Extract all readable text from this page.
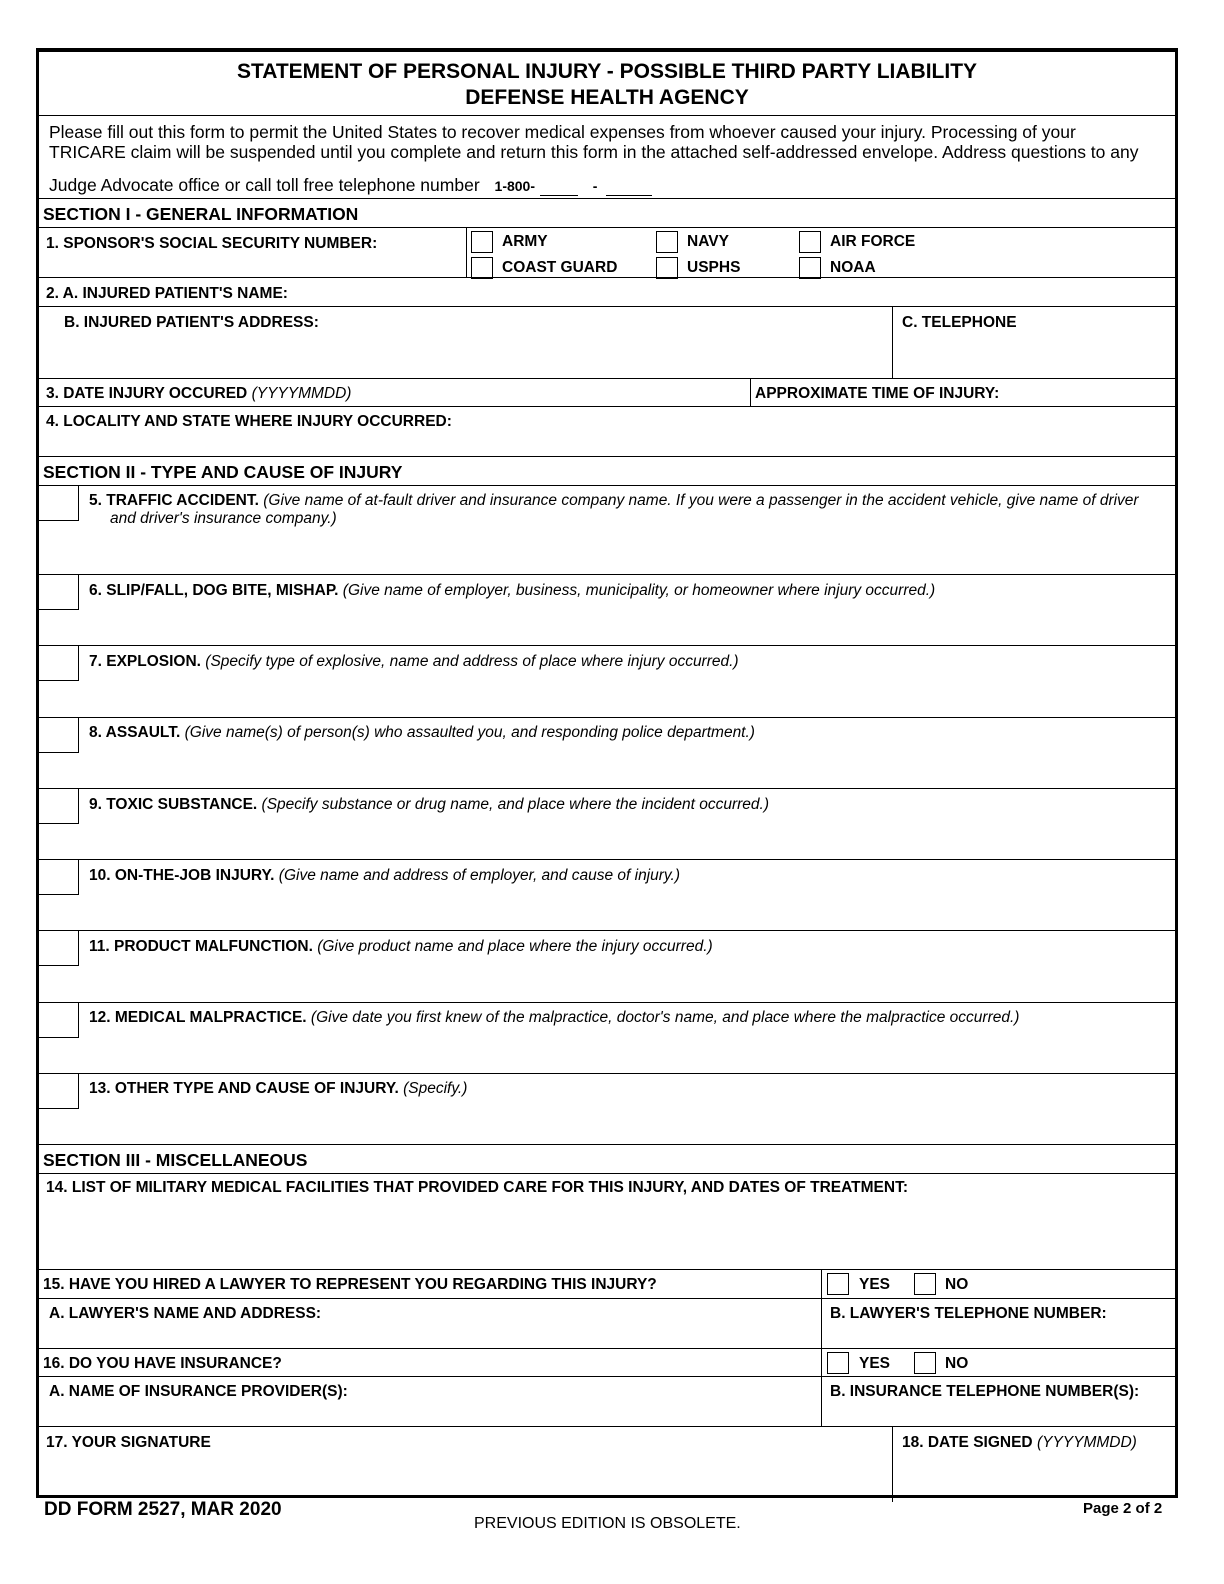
STATEMENT OF PERSONAL INJURY - POSSIBLE THIRD PARTY LIABILITY
DEFENSE HEALTH AGENCY
Please fill out this form to permit the United States to recover medical expenses from whoever caused your injury. Processing of your
TRICARE claim will be suspended until you complete and return this form in the attached self-addressed envelope. Address questions to any
Judge Advocate office or call toll free telephone number 1-800-	-
SECTION I - GENERAL INFORMATION
1. SPONSOR'S SOCIAL SECURITY NUMBER:	ARMY	NAVY	AIR FORCE
COAST GUARD	USPHS	NOAA
2. A. INJURED PATIENT'S NAME:
B. INJURED PATIENT'S ADDRESS:	C. TELEPHONE
3. DATE INJURY OCCURED (YYYYMMDD)	APPROXIMATE TIME OF INJURY:
4. LOCALITY AND STATE WHERE INJURY OCCURRED:
SECTION II - TYPE AND CAUSE OF INJURY
5. TRAFFIC ACCIDENT. (Give name of at-fault driver and insurance company name. If you were a passenger in the accident vehicle, give name of driver
and driver's insurance company.)
6. SLIP/FALL, DOG BITE, MISHAP. (Give name of employer, business, municipality, or homeowner where injury occurred.)
7. EXPLOSION. (Specify type of explosive, name and address of place where injury occurred.)
8. ASSAULT. (Give name(s) of person(s) who assaulted you, and responding police department.)
9. TOXIC SUBSTANCE. (Specify substance or drug name, and place where the incident occurred.)
10. ON-THE-JOB INJURY. (Give name and address of employer, and cause of injury.)
11. PRODUCT MALFUNCTION. (Give product name and place where the injury occurred.)
12. MEDICAL MALPRACTICE. (Give date you first knew of the malpractice, doctor's name, and place where the malpractice occurred.)
13. OTHER TYPE AND CAUSE OF INJURY. (Specify.)
SECTION III - MISCELLANEOUS
14. LIST OF MILITARY MEDICAL FACILITIES THAT PROVIDED CARE FOR THIS INJURY, AND DATES OF TREATMENT:
15. HAVE YOU HIRED A LAWYER TO REPRESENT YOU REGARDING THIS INJURY?	YES	NO
A. LAWYER'S NAME AND ADDRESS:	B. LAWYER'S TELEPHONE NUMBER:
16. DO YOU HAVE INSURANCE?	YES	NO
A. NAME OF INSURANCE PROVIDER(S):	B. INSURANCE TELEPHONE NUMBER(S):
17. YOUR SIGNATURE	18. DATE SIGNED (YYYYMMDD)
DD FORM 2527, MAR 2020
PREVIOUS EDITION IS OBSOLETE.
Page 2 of 2
